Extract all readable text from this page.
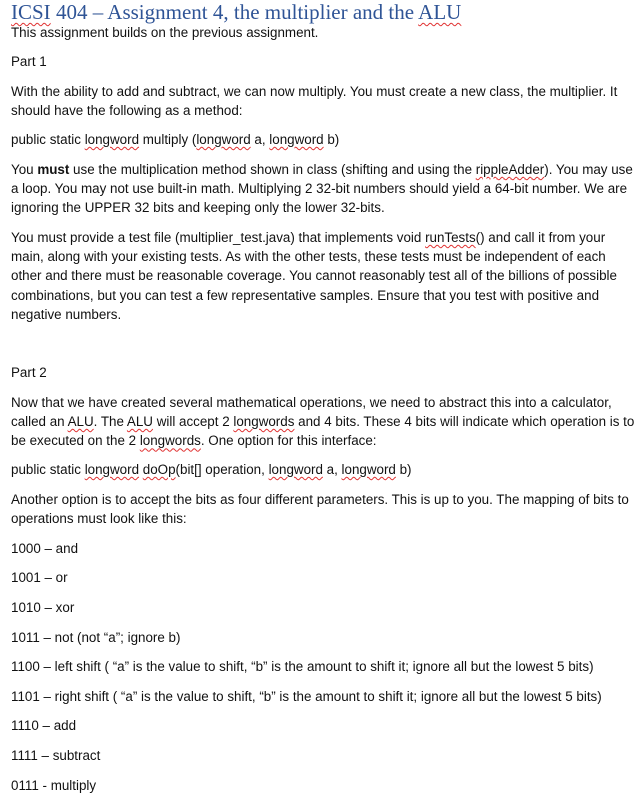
ICSI 404 – Assignment 4, the multiplier and the ALU

This assignment builds on the previous assignment.

Part 1

With the ability to add and subtract, we can now multiply. You must create a new class, the multiplier. It should have the following as a method:

public static longword multiply (longword a, longword b)

You must use the multiplication method shown in class (shifting and using the rippleAdder). You may use a loop. You may not use built-in math. Multiplying 2 32-bit numbers should yield a 64-bit number. We are ignoring the UPPER 32 bits and keeping only the lower 32-bits.

You must provide a test file (multiplier_test.java) that implements void runTests() and call it from your main, along with your existing tests. As with the other tests, these tests must be independent of each other and there must be reasonable coverage. You cannot reasonably test all of the billions of possible combinations, but you can test a few representative samples. Ensure that you test with positive and negative numbers.

Part 2

Now that we have created several mathematical operations, we need to abstract this into a calculator, called an ALU. The ALU will accept 2 longwords and 4 bits. These 4 bits will indicate which operation is to be executed on the 2 longwords. One option for this interface:

public static longword doOp(bit[] operation, longword a, longword b)

Another option is to accept the bits as four different parameters. This is up to you. The mapping of bits to operations must look like this:

1000 – and

1001 – or

1010 – xor

1011 – not (not “a”; ignore b)

1100 – left shift ( “a” is the value to shift, “b” is the amount to shift it; ignore all but the lowest 5 bits)

1101 – right shift ( “a” is the value to shift, “b” is the amount to shift it; ignore all but the lowest 5 bits)

1110 – add

1111 – subtract

0111 - multiply
